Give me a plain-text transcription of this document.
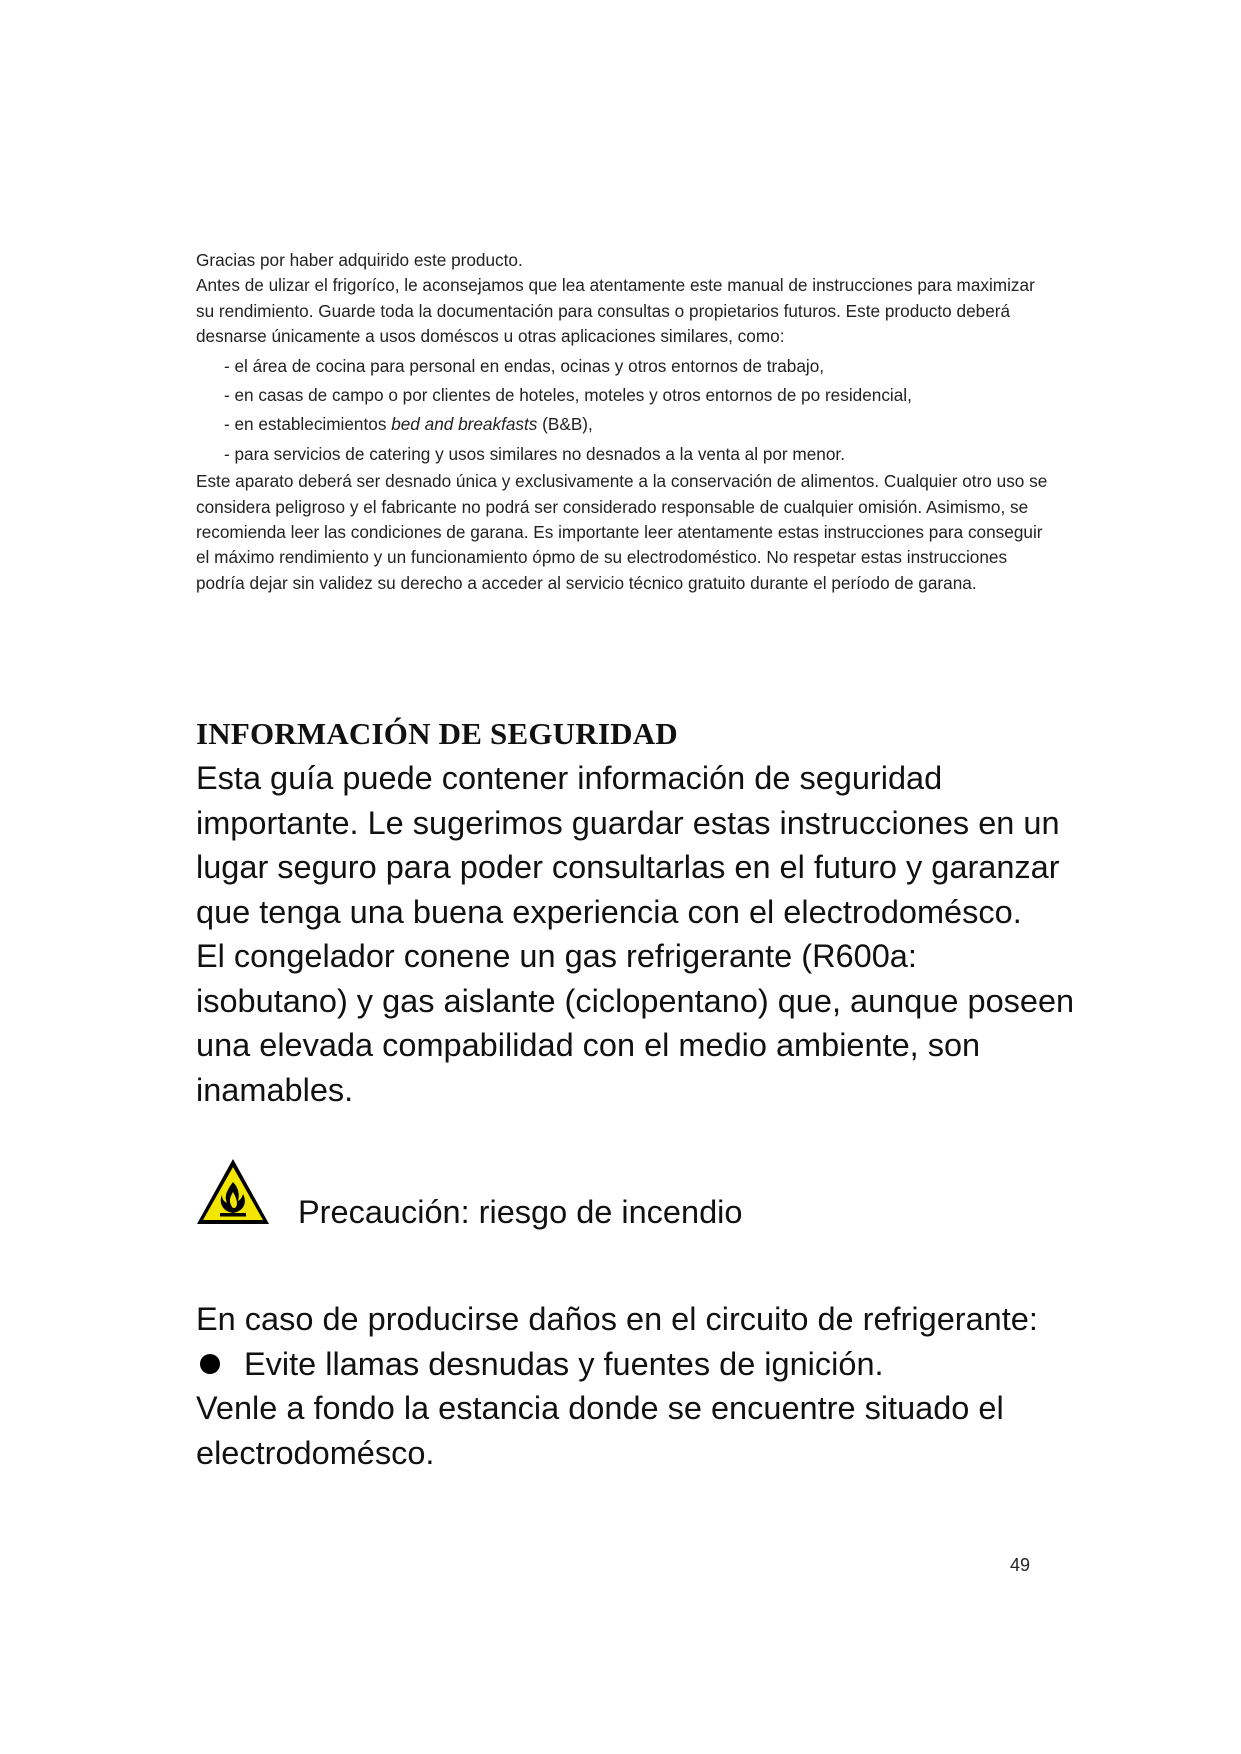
Gracias por haber adquirido este producto.

Antes de ulizar el frigoríco, le aconsejamos que lea atentamente este manual de instrucciones para maximizar su rendimiento. Guarde toda la documentación para consultas o propietarios futuros. Este producto deberá desnarse únicamente a usos doméscos u otras aplicaciones similares, como:

- el área de cocina para personal en endas, ocinas y otros entornos de trabajo,

- en casas de campo o por clientes de hoteles, moteles y otros entornos de po residencial,

- en establecimientos bed and breakfasts (B&B),

- para servicios de catering y usos similares no desnados a la venta al por menor.

Este aparato deberá ser desnado única y exclusivamente a la conservación de alimentos. Cualquier otro uso se considera peligroso y el fabricante no podrá ser considerado responsable de cualquier omisión. Asimismo, se recomienda leer las condiciones de garana. Es importante leer atentamente estas instrucciones para conseguir el máximo rendimiento y un funcionamiento ópmo de su electrodoméstico. No respetar estas instrucciones podría dejar sin validez su derecho a acceder al servicio técnico gratuito durante el período de garana.

INFORMACIÓN DE SEGURIDAD

Esta guía puede contener información de seguridad importante. Le sugerimos guardar estas instrucciones en un lugar seguro para poder consultarlas en el futuro y garanzar que tenga una buena experiencia con el electrodomésco.

El congelador conene un gas refrigerante (R600a: isobutano) y gas aislante (ciclopentano) que, aunque poseen una elevada compabilidad con el medio ambiente, son inamables.

Precaución: riesgo de incendio

En caso de producirse daños en el circuito de refrigerante:

Evite llamas desnudas y fuentes de ignición.

Venle a fondo la estancia donde se encuentre situado el electrodomésco.

49
